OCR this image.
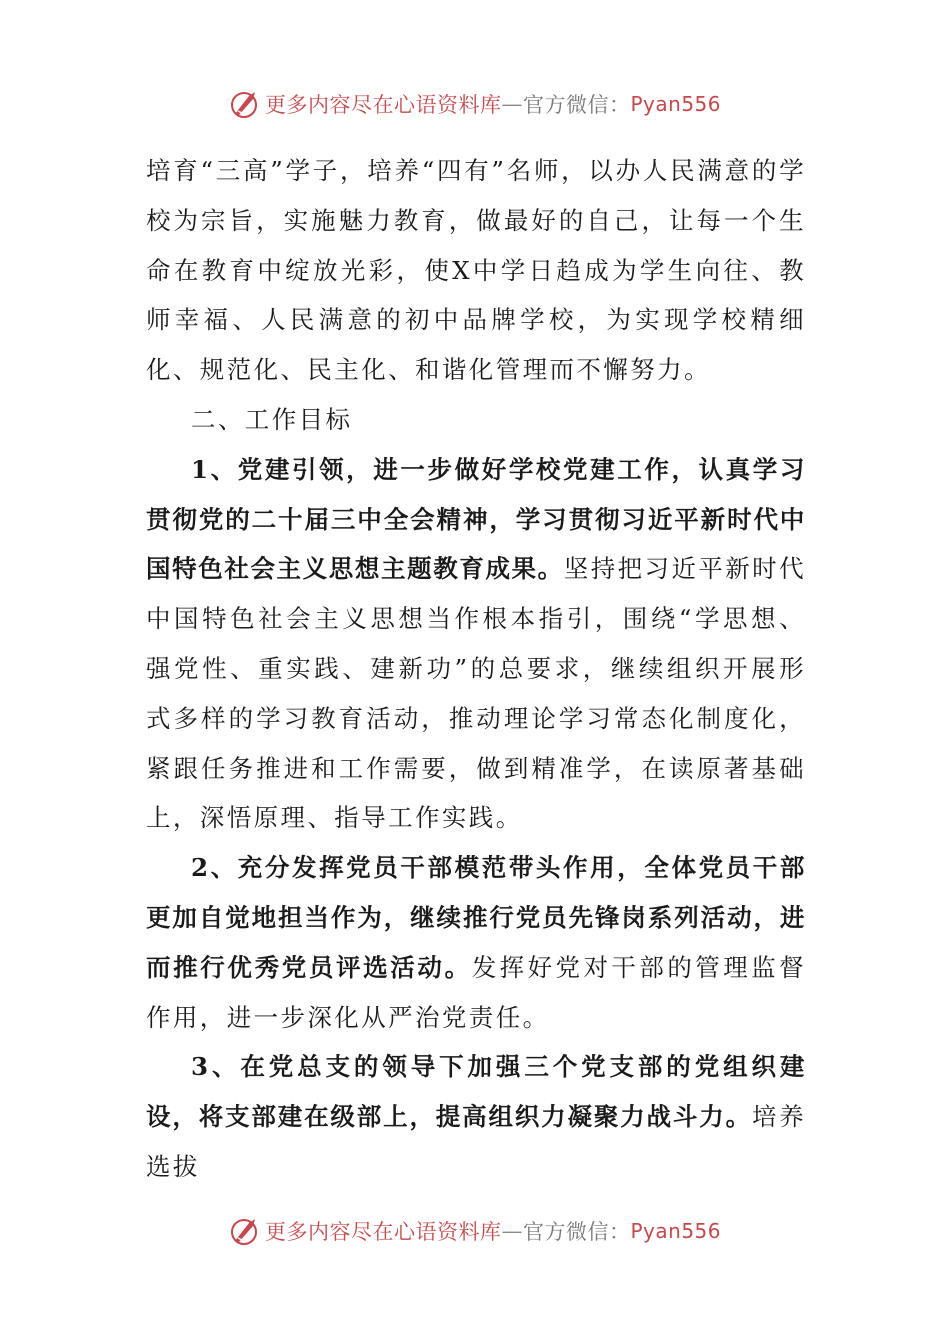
更多内容尽在心语资料库 — 官方微信： Pyan556

培育“三高”学子，培养“四有”名师，以办人民满意的学校为宗旨，实施魅力教育，做最好的自己，让每一个生命在教育中绽放光彩，使X中学日趋成为学生向往、教师幸福、人民满意的初中品牌学校，为实现学校精细化、规范化、民主化、和谐化管理而不懈努力。

二、工作目标

1、党建引领，进一步做好学校党建工作，认真学习贯彻党的二十届三中全会精神，学习贯彻习近平新时代中国特色社会主义思想主题教育成果。坚持把习近平新时代中国特色社会主义思想当作根本指引，围绕“学思想、强党性、重实践、建新功”的总要求，继续组织开展形式多样的学习教育活动，推动理论学习常态化制度化，紧跟任务推进和工作需要，做到精准学，在读原著基础上，深悟原理、指导工作实践。

2、充分发挥党员干部模范带头作用，全体党员干部更加自觉地担当作为，继续推行党员先锋岗系列活动，进而推行优秀党员评选活动。发挥好党对干部的管理监督作用，进一步深化从严治党责任。

3、在党总支的领导下加强三个党支部的党组织建设，将支部建在级部上，提高组织力凝聚力战斗力。培养选拔

更多内容尽在心语资料库 — 官方微信： Pyan556
